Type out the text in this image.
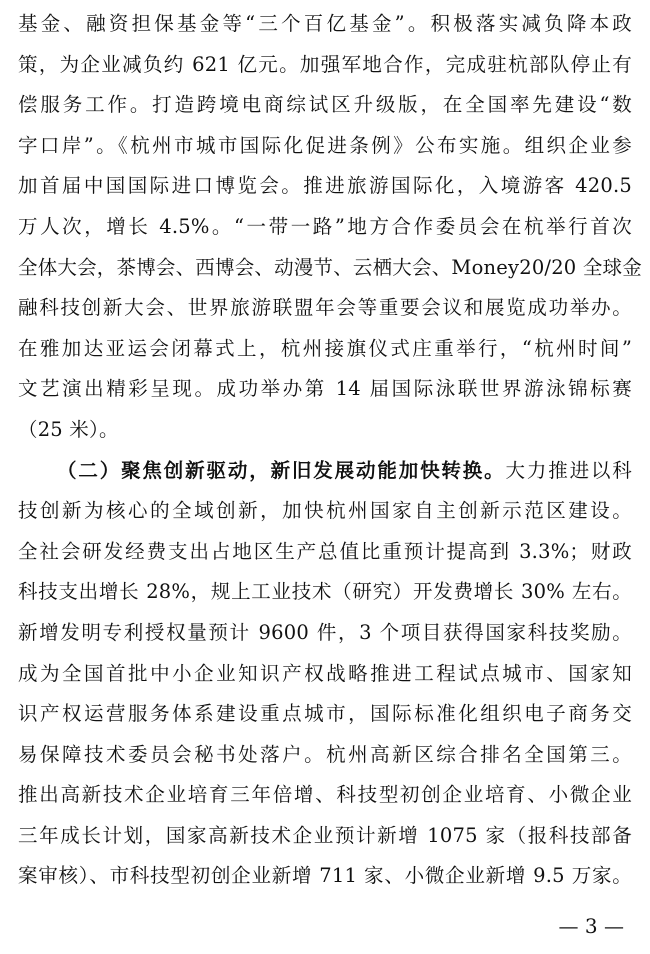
基金、融资担保基金等“三个百亿基金”。积极落实减负降本政
策，为企业减负约 621 亿元。加强军地合作，完成驻杭部队停止有
偿服务工作。打造跨境电商综试区升级版，在全国率先建设“数
字口岸”。《杭州市城市国际化促进条例》公布实施。组织企业参
加首届中国国际进口博览会。推进旅游国际化，入境游客 420.5
万人次，增长 4.5%。“一带一路”地方合作委员会在杭举行首次
全体大会，茶博会、西博会、动漫节、云栖大会、Money20/20 全球金
融科技创新大会、世界旅游联盟年会等重要会议和展览成功举办。
在雅加达亚运会闭幕式上，杭州接旗仪式庄重举行，“杭州时间”
文艺演出精彩呈现。成功举办第 14 届国际泳联世界游泳锦标赛
（25 米）。
（二）聚焦创新驱动，新旧发展动能加快转换。大力推进以科
技创新为核心的全域创新，加快杭州国家自主创新示范区建设。
全社会研发经费支出占地区生产总值比重预计提高到 3.3%；财政
科技支出增长 28%，规上工业技术（研究）开发费增长 30% 左右。
新增发明专利授权量预计 9600 件，3 个项目获得国家科技奖励。
成为全国首批中小企业知识产权战略推进工程试点城市、国家知
识产权运营服务体系建设重点城市，国际标准化组织电子商务交
易保障技术委员会秘书处落户。杭州高新区综合排名全国第三。
推出高新技术企业培育三年倍增、科技型初创企业培育、小微企业
三年成长计划，国家高新技术企业预计新增 1075 家（报科技部备
案审核）、市科技型初创企业新增 711 家、小微企业新增 9.5 万家。
— 3 —
